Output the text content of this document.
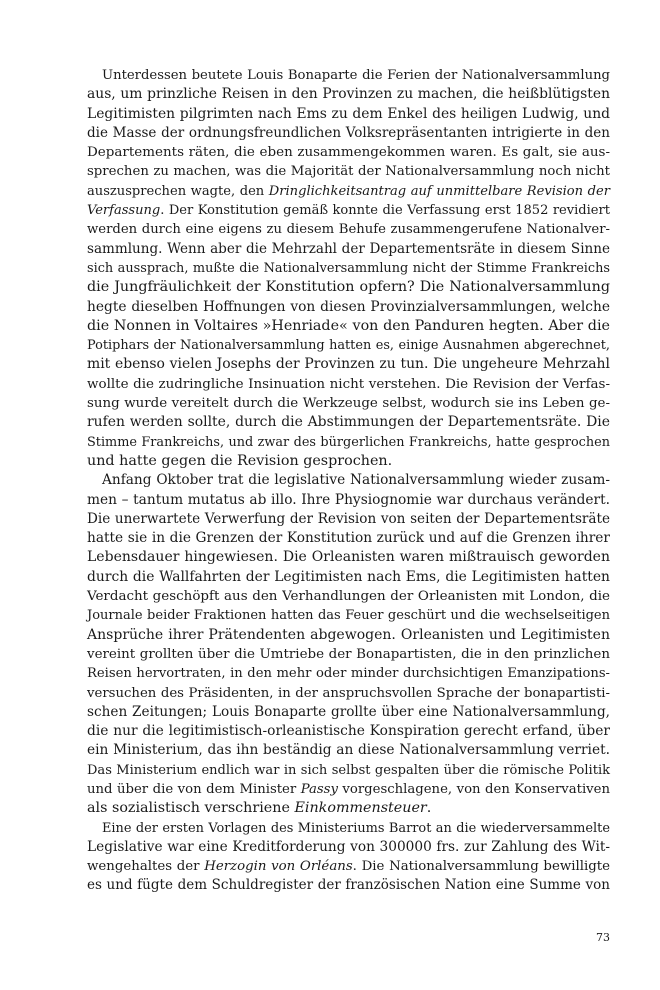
Unterdessen beutete Louis Bonaparte die Ferien der Nationalversammlung
aus, um prinzliche Reisen in den Provinzen zu machen, die heißblütigsten
Legitimisten pilgrimten nach Ems zu dem Enkel des heiligen Ludwig, und
die Masse der ordnungsfreundlichen Volksrepräsentanten intrigierte in den
Departements räten, die eben zusammengekommen waren. Es galt, sie aus-
sprechen zu machen, was die Majorität der Nationalversammlung noch nicht
auszusprechen wagte, den Dringlichkeitsantrag auf unmittelbare Revision der
Verfassung. Der Konstitution gemäß konnte die Verfassung erst 1852 revidiert
werden durch eine eigens zu diesem Behufe zusammengerufene Nationalver-
sammlung. Wenn aber die Mehrzahl der Departementsräte in diesem Sinne
sich aussprach, mußte die Nationalversammlung nicht der Stimme Frankreichs
die Jungfräulichkeit der Konstitution opfern? Die Nationalversammlung
hegte dieselben Hoffnungen von diesen Provinzialversammlungen, welche
die Nonnen in Voltaires »Henriade« von den Panduren hegten. Aber die
Potiphars der Nationalversammlung hatten es, einige Ausnahmen abgerechnet,
mit ebenso vielen Josephs der Provinzen zu tun. Die ungeheure Mehrzahl
wollte die zudringliche Insinuation nicht verstehen. Die Revision der Verfas-
sung wurde vereitelt durch die Werkzeuge selbst, wodurch sie ins Leben ge-
rufen werden sollte, durch die Abstimmungen der Departementsräte. Die
Stimme Frankreichs, und zwar des bürgerlichen Frankreichs, hatte gesprochen
und hatte gegen die Revision gesprochen.
Anfang Oktober trat die legislative Nationalversammlung wieder zusam-
men – tantum mutatus ab illo. Ihre Physiognomie war durchaus verändert.
Die unerwartete Verwerfung der Revision von seiten der Departementsräte
hatte sie in die Grenzen der Konstitution zurück und auf die Grenzen ihrer
Lebensdauer hingewiesen. Die Orleanisten waren mißtrauisch geworden
durch die Wallfahrten der Legitimisten nach Ems, die Legitimisten hatten
Verdacht geschöpft aus den Verhandlungen der Orleanisten mit London, die
Journale beider Fraktionen hatten das Feuer geschürt und die wechselseitigen
Ansprüche ihrer Prätendenten abgewogen. Orleanisten und Legitimisten
vereint grollten über die Umtriebe der Bonapartisten, die in den prinzlichen
Reisen hervortraten, in den mehr oder minder durchsichtigen Emanzipations-
versuchen des Präsidenten, in der anspruchsvollen Sprache der bonapartisti-
schen Zeitungen; Louis Bonaparte grollte über eine Nationalversammlung,
die nur die legitimistisch-orleanistische Konspiration gerecht erfand, über
ein Ministerium, das ihn beständig an diese Nationalversammlung verriet.
Das Ministerium endlich war in sich selbst gespalten über die römische Politik
und über die von dem Minister Passy vorgeschlagene, von den Konservativen
als sozialistisch verschriene Einkommensteuer.
Eine der ersten Vorlagen des Ministeriums Barrot an die wiederversammelte
Legislative war eine Kreditforderung von 300000 frs. zur Zahlung des Wit-
wengehaltes der Herzogin von Orléans. Die Nationalversammlung bewilligte
es und fügte dem Schuldregister der französischen Nation eine Summe von
73
